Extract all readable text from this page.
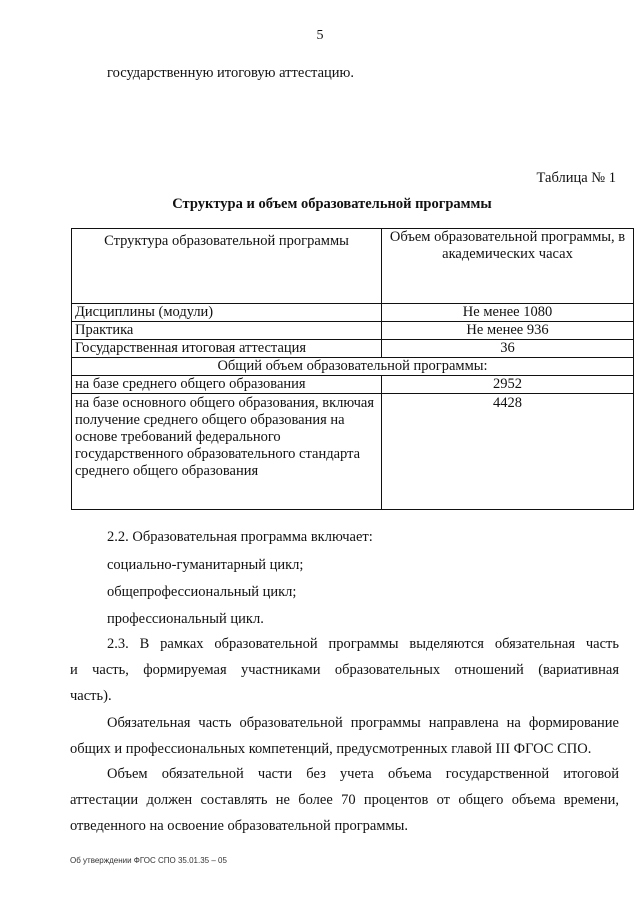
5
государственную итоговую аттестацию.
Таблица № 1
Структура и объем образовательной программы
Структура образовательной программы	Объем образовательной программы, в академических часах
Дисциплины (модули)	Не менее 1080
Практика	Не менее 936
Государственная итоговая аттестация	36
Общий объем образовательной программы:	
на базе среднего общего образования	2952
на базе основного общего образования, включая получение среднего общего образования на основе требований федерального государственного образовательного стандарта среднего общего образования	4428
2.2. Образовательная программа включает:
социально-гуманитарный цикл;
общепрофессиональный цикл;
профессиональный цикл.
2.3. В рамках образовательной программы выделяются обязательная часть
и часть, формируемая участниками образовательных отношений (вариативная
часть).
Обязательная часть образовательной программы направлена на формирование
общих и профессиональных компетенций, предусмотренных главой III ФГОС СПО.
Объем обязательной части без учета объема государственной итоговой
аттестации должен составлять не более 70 процентов от общего объема времени,
отведенного на освоение образовательной программы.
Об утверждении ФГОС СПО 35.01.35 – 05
